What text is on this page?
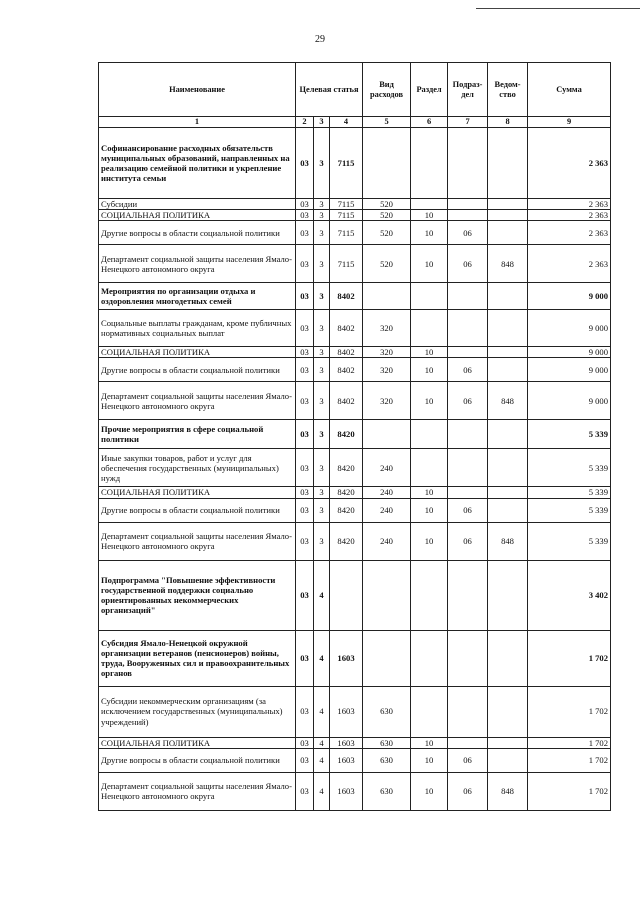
29
Наименование	Целевая статья			Вид расходов	Раздел	Подраз-дел	Ведом-ство	Сумма
1	2	3	4	5	6	7	8	9
Софинансирование расходных обязательств муниципальных образований, направленных на реализацию семейной политики и укрепление института семьи	03	3	7115					2 363
Субсидии	03	3	7115	520				2 363
СОЦИАЛЬНАЯ ПОЛИТИКА	03	3	7115	520	10			2 363
Другие вопросы в области социальной политики	03	3	7115	520	10	06		2 363
Департамент социальной защиты населения Ямало-Ненецкого автономного округа	03	3	7115	520	10	06	848	2 363
Мероприятия по организации отдыха и оздоровления многодетных семей	03	3	8402					9 000
Социальные выплаты гражданам, кроме публичных нормативных социальных выплат	03	3	8402	320				9 000
СОЦИАЛЬНАЯ ПОЛИТИКА	03	3	8402	320	10			9 000
Другие вопросы в области социальной политики	03	3	8402	320	10	06		9 000
Департамент социальной защиты населения Ямало-Ненецкого автономного округа	03	3	8402	320	10	06	848	9 000
Прочие мероприятия в сфере социальной политики	03	3	8420					5 339
Иные закупки товаров, работ и услуг для обеспечения государственных (муниципальных) нужд	03	3	8420	240				5 339
СОЦИАЛЬНАЯ ПОЛИТИКА	03	3	8420	240	10			5 339
Другие вопросы в области социальной политики	03	3	8420	240	10	06		5 339
Департамент социальной защиты населения Ямало-Ненецкого автономного округа	03	3	8420	240	10	06	848	5 339
Подпрограмма "Повышение эффективности государственной поддержки социально ориентированных некоммерческих организаций"	03	4						3 402
Субсидия Ямало-Ненецкой окружной организации ветеранов (пенсионеров) войны, труда, Вооруженных сил и правоохранительных органов	03	4	1603					1 702
Субсидии некоммерческим организациям (за исключением государственных (муниципальных) учреждений)	03	4	1603	630				1 702
СОЦИАЛЬНАЯ ПОЛИТИКА	03	4	1603	630	10			1 702
Другие вопросы в области социальной политики	03	4	1603	630	10	06		1 702
Департамент социальной защиты населения Ямало-Ненецкого автономного округа	03	4	1603	630	10	06	848	1 702
